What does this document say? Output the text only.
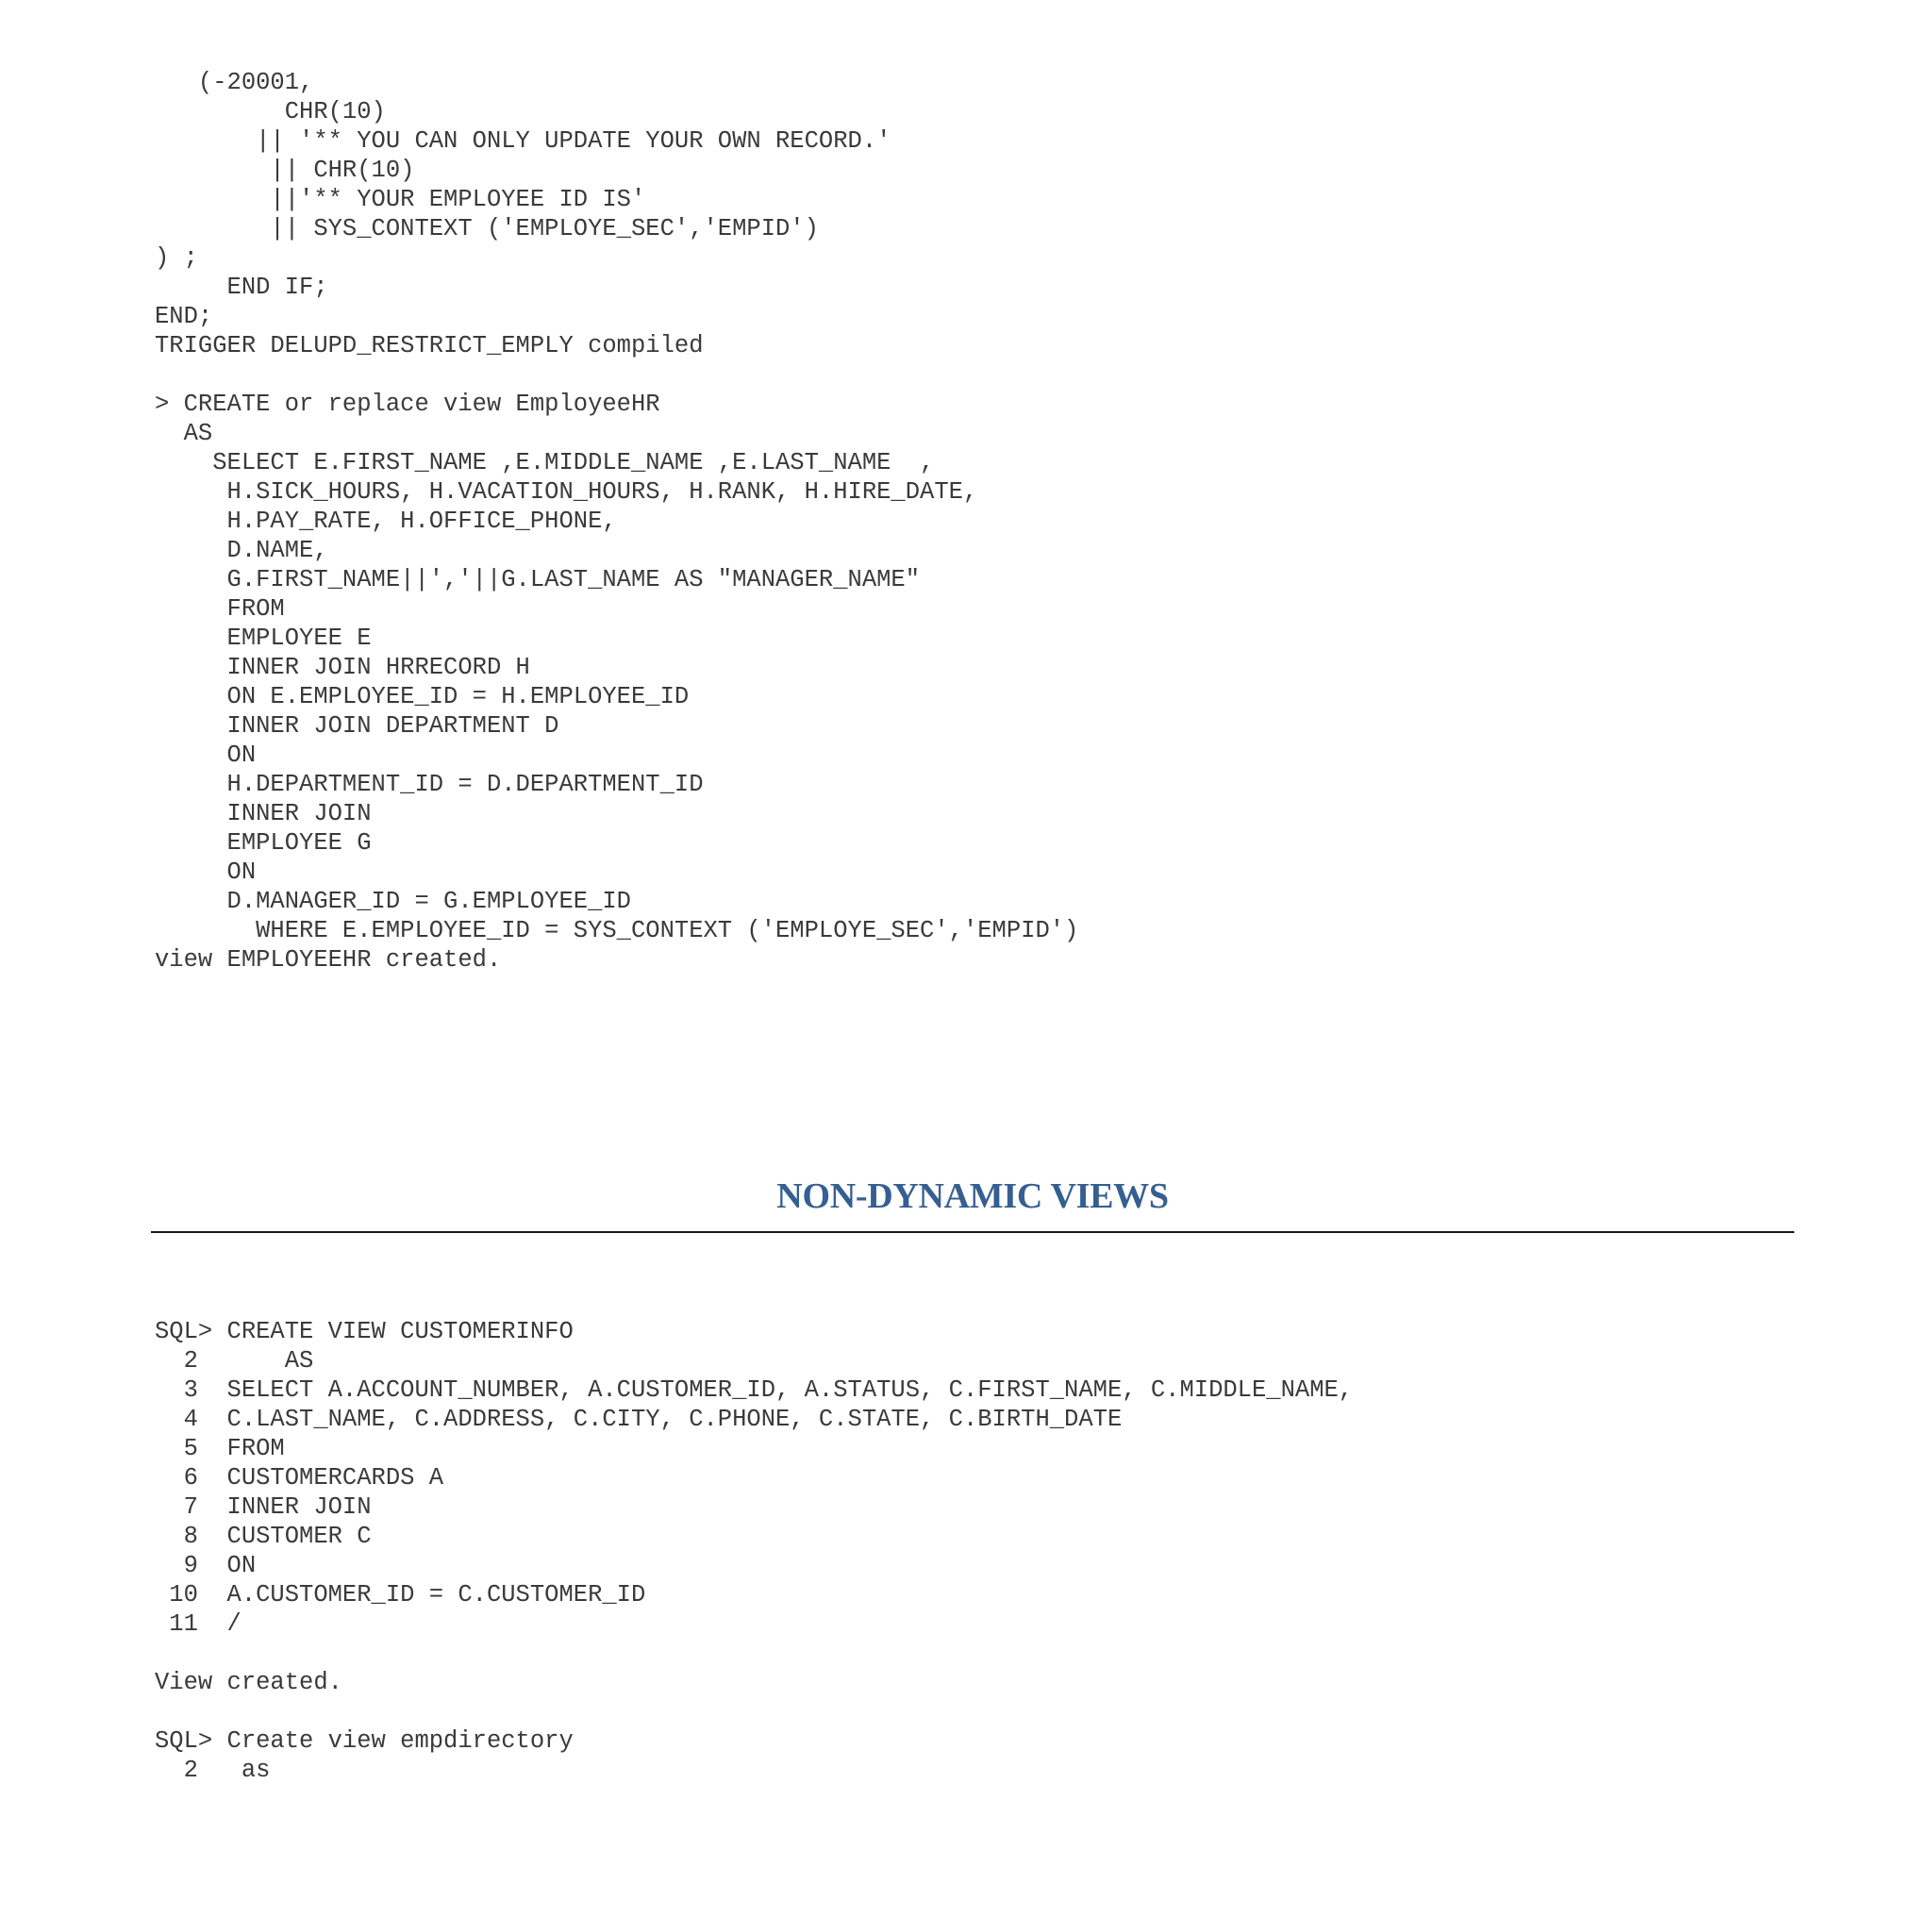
(-20001,
CHR(10)
|| '** YOU CAN ONLY UPDATE YOUR OWN RECORD.'
|| CHR(10)
||'** YOUR EMPLOYEE ID IS'
|| SYS_CONTEXT ('EMPLOYE_SEC','EMPID')
) ;
END IF;
END;
TRIGGER DELUPD_RESTRICT_EMPLY compiled
> CREATE or replace view EmployeeHR
AS
SELECT E.FIRST_NAME ,E.MIDDLE_NAME ,E.LAST_NAME  ,
H.SICK_HOURS, H.VACATION_HOURS, H.RANK, H.HIRE_DATE,
H.PAY_RATE, H.OFFICE_PHONE,
D.NAME,
G.FIRST_NAME||','||G.LAST_NAME AS "MANAGER_NAME"
FROM
EMPLOYEE E
INNER JOIN HRRECORD H
ON E.EMPLOYEE_ID = H.EMPLOYEE_ID
INNER JOIN DEPARTMENT D
ON
H.DEPARTMENT_ID = D.DEPARTMENT_ID
INNER JOIN
EMPLOYEE G
ON
D.MANAGER_ID = G.EMPLOYEE_ID
WHERE E.EMPLOYEE_ID = SYS_CONTEXT ('EMPLOYE_SEC','EMPID')
view EMPLOYEEHR created.
NON-DYNAMIC VIEWS
SQL> CREATE VIEW CUSTOMERINFO
2      AS
3  SELECT A.ACCOUNT_NUMBER, A.CUSTOMER_ID, A.STATUS, C.FIRST_NAME, C.MIDDLE_NAME,
4  C.LAST_NAME, C.ADDRESS, C.CITY, C.PHONE, C.STATE, C.BIRTH_DATE
5  FROM
6  CUSTOMERCARDS A
7  INNER JOIN
8  CUSTOMER C
9  ON
10  A.CUSTOMER_ID = C.CUSTOMER_ID
11  /
View created.
SQL> Create view empdirectory
2   as
